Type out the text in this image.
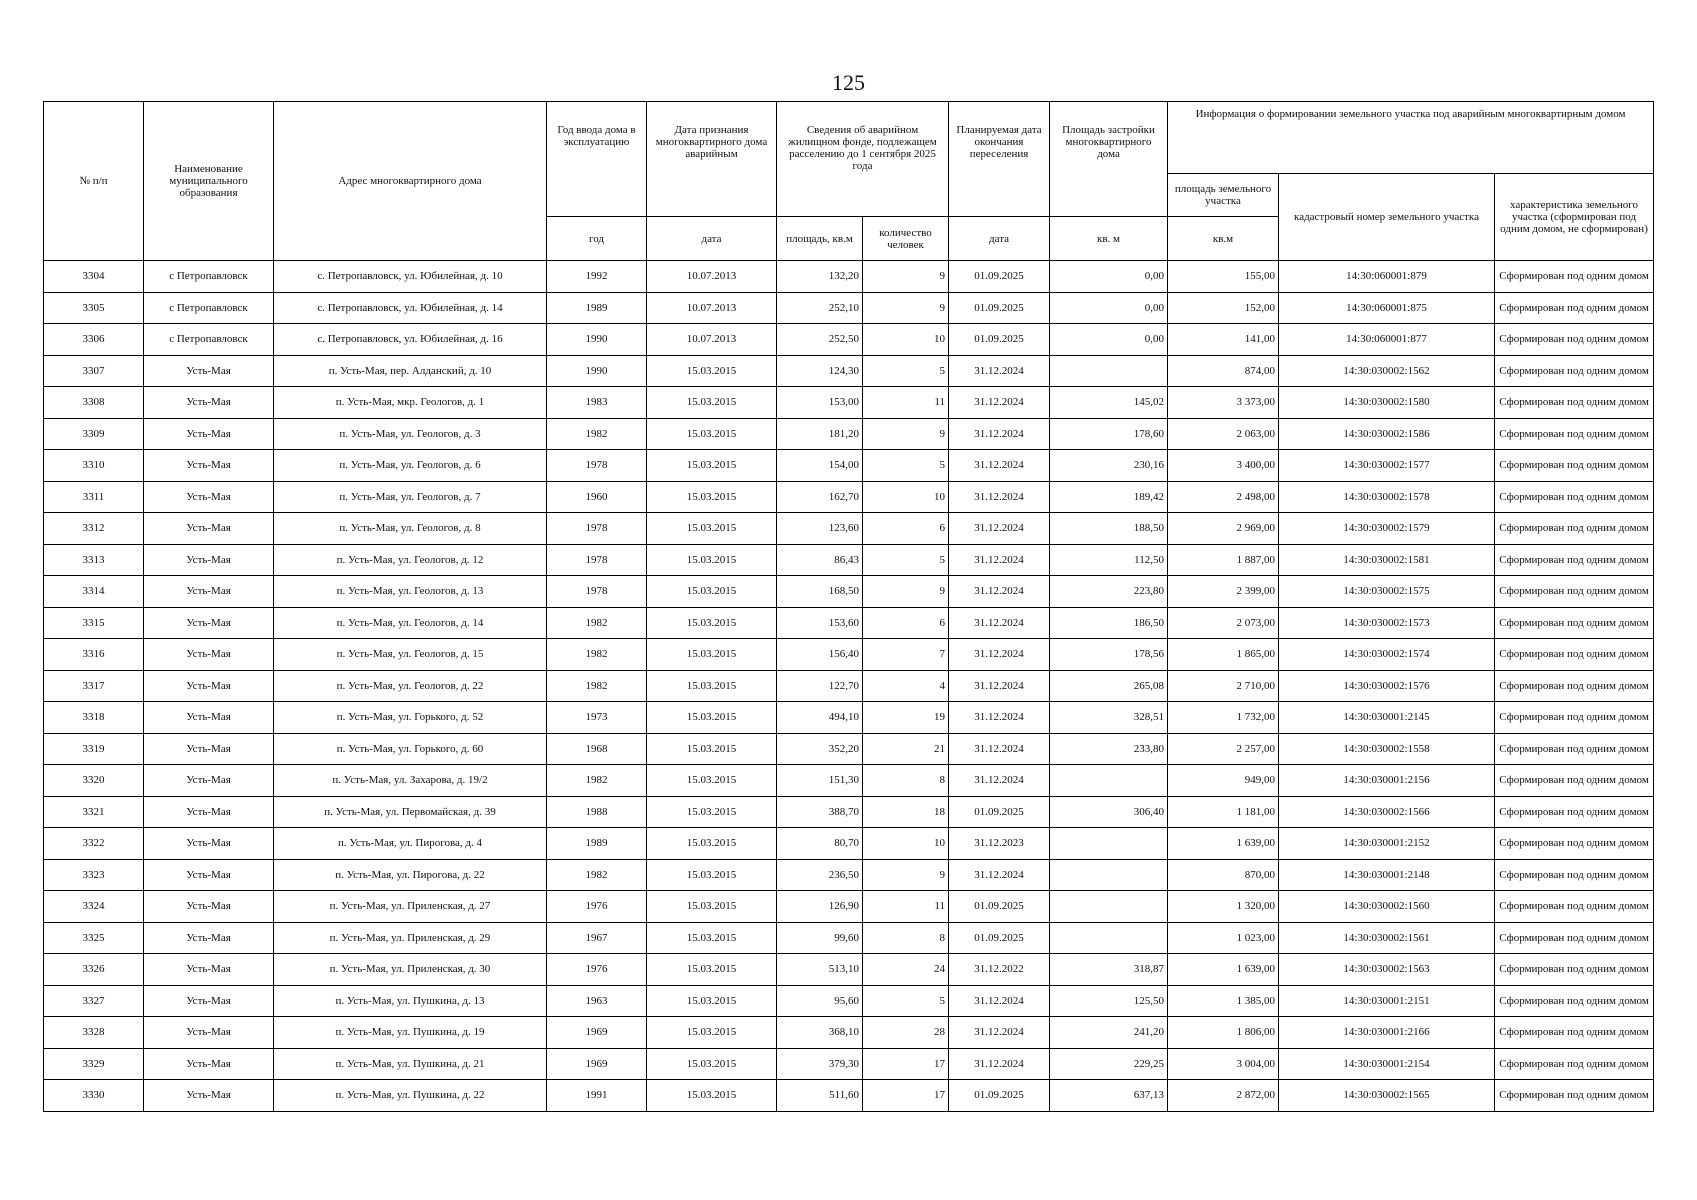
125
№ п/п	Наименование муниципального образования	Адрес многоквартирного дома	Год ввода дома в эксплуатацию	Дата признания многоквартирного дома аварийным	Сведения об аварийном жилищном фонде, подлежащем расселению до 1 сентября 2025 года		Планируемая дата окончания переселения	Площадь застройки многоквартирного дома	Информация о формировании земельного участка под аварийным многоквартирным домом		
									площадь земельного участка	кадастровый номер земельного участка	характеристика земельного участка (сформирован под одним домом, не сформирован)
			год	дата	площадь, кв.м	количество человек	дата	кв. м	кв.м		
3304	с Петропавловск	с. Петропавловск, ул. Юбилейная, д. 10	1992	10.07.2013	132,20	9	01.09.2025	0,00	155,00	14:30:060001:879	Сформирован под одним домом
3305	с Петропавловск	с. Петропавловск, ул. Юбилейная, д. 14	1989	10.07.2013	252,10	9	01.09.2025	0,00	152,00	14:30:060001:875	Сформирован под одним домом
3306	с Петропавловск	с. Петропавловск, ул. Юбилейная, д. 16	1990	10.07.2013	252,50	10	01.09.2025	0,00	141,00	14:30:060001:877	Сформирован под одним домом
3307	Усть-Мая	п. Усть-Мая, пер. Алданский, д. 10	1990	15.03.2015	124,30	5	31.12.2024		874,00	14:30:030002:1562	Сформирован под одним домом
3308	Усть-Мая	п. Усть-Мая, мкр. Геологов, д. 1	1983	15.03.2015	153,00	11	31.12.2024	145,02	3 373,00	14:30:030002:1580	Сформирован под одним домом
3309	Усть-Мая	п. Усть-Мая, ул. Геологов, д. 3	1982	15.03.2015	181,20	9	31.12.2024	178,60	2 063,00	14:30:030002:1586	Сформирован под одним домом
3310	Усть-Мая	п. Усть-Мая, ул. Геологов, д. 6	1978	15.03.2015	154,00	5	31.12.2024	230,16	3 400,00	14:30:030002:1577	Сформирован под одним домом
3311	Усть-Мая	п. Усть-Мая, ул. Геологов, д. 7	1960	15.03.2015	162,70	10	31.12.2024	189,42	2 498,00	14:30:030002:1578	Сформирован под одним домом
3312	Усть-Мая	п. Усть-Мая, ул. Геологов, д. 8	1978	15.03.2015	123,60	6	31.12.2024	188,50	2 969,00	14:30:030002:1579	Сформирован под одним домом
3313	Усть-Мая	п. Усть-Мая, ул. Геологов, д. 12	1978	15.03.2015	86,43	5	31.12.2024	112,50	1 887,00	14:30:030002:1581	Сформирован под одним домом
3314	Усть-Мая	п. Усть-Мая, ул. Геологов, д. 13	1978	15.03.2015	168,50	9	31.12.2024	223,80	2 399,00	14:30:030002:1575	Сформирован под одним домом
3315	Усть-Мая	п. Усть-Мая, ул. Геологов, д. 14	1982	15.03.2015	153,60	6	31.12.2024	186,50	2 073,00	14:30:030002:1573	Сформирован под одним домом
3316	Усть-Мая	п. Усть-Мая, ул. Геологов, д. 15	1982	15.03.2015	156,40	7	31.12.2024	178,56	1 865,00	14:30:030002:1574	Сформирован под одним домом
3317	Усть-Мая	п. Усть-Мая, ул. Геологов, д. 22	1982	15.03.2015	122,70	4	31.12.2024	265,08	2 710,00	14:30:030002:1576	Сформирован под одним домом
3318	Усть-Мая	п. Усть-Мая, ул. Горького, д. 52	1973	15.03.2015	494,10	19	31.12.2024	328,51	1 732,00	14:30:030001:2145	Сформирован под одним домом
3319	Усть-Мая	п. Усть-Мая, ул. Горького, д. 60	1968	15.03.2015	352,20	21	31.12.2024	233,80	2 257,00	14:30:030002:1558	Сформирован под одним домом
3320	Усть-Мая	п. Усть-Мая, ул. Захарова, д. 19/2	1982	15.03.2015	151,30	8	31.12.2024		949,00	14:30:030001:2156	Сформирован под одним домом
3321	Усть-Мая	п. Усть-Мая, ул. Первомайская, д. 39	1988	15.03.2015	388,70	18	01.09.2025	306,40	1 181,00	14:30:030002:1566	Сформирован под одним домом
3322	Усть-Мая	п. Усть-Мая, ул. Пирогова, д. 4	1989	15.03.2015	80,70	10	31.12.2023		1 639,00	14:30:030001:2152	Сформирован под одним домом
3323	Усть-Мая	п. Усть-Мая, ул. Пирогова, д. 22	1982	15.03.2015	236,50	9	31.12.2024		870,00	14:30:030001:2148	Сформирован под одним домом
3324	Усть-Мая	п. Усть-Мая, ул. Приленская, д. 27	1976	15.03.2015	126,90	11	01.09.2025		1 320,00	14:30:030002:1560	Сформирован под одним домом
3325	Усть-Мая	п. Усть-Мая, ул. Приленская, д. 29	1967	15.03.2015	99,60	8	01.09.2025		1 023,00	14:30:030002:1561	Сформирован под одним домом
3326	Усть-Мая	п. Усть-Мая, ул. Приленская, д. 30	1976	15.03.2015	513,10	24	31.12.2022	318,87	1 639,00	14:30:030002:1563	Сформирован под одним домом
3327	Усть-Мая	п. Усть-Мая, ул. Пушкина, д. 13	1963	15.03.2015	95,60	5	31.12.2024	125,50	1 385,00	14:30:030001:2151	Сформирован под одним домом
3328	Усть-Мая	п. Усть-Мая, ул. Пушкина, д. 19	1969	15.03.2015	368,10	28	31.12.2024	241,20	1 806,00	14:30:030001:2166	Сформирован под одним домом
3329	Усть-Мая	п. Усть-Мая, ул. Пушкина, д. 21	1969	15.03.2015	379,30	17	31.12.2024	229,25	3 004,00	14:30:030001:2154	Сформирован под одним домом
3330	Усть-Мая	п. Усть-Мая, ул. Пушкина, д. 22	1991	15.03.2015	511,60	17	01.09.2025	637,13	2 872,00	14:30:030002:1565	Сформирован под одним домом
